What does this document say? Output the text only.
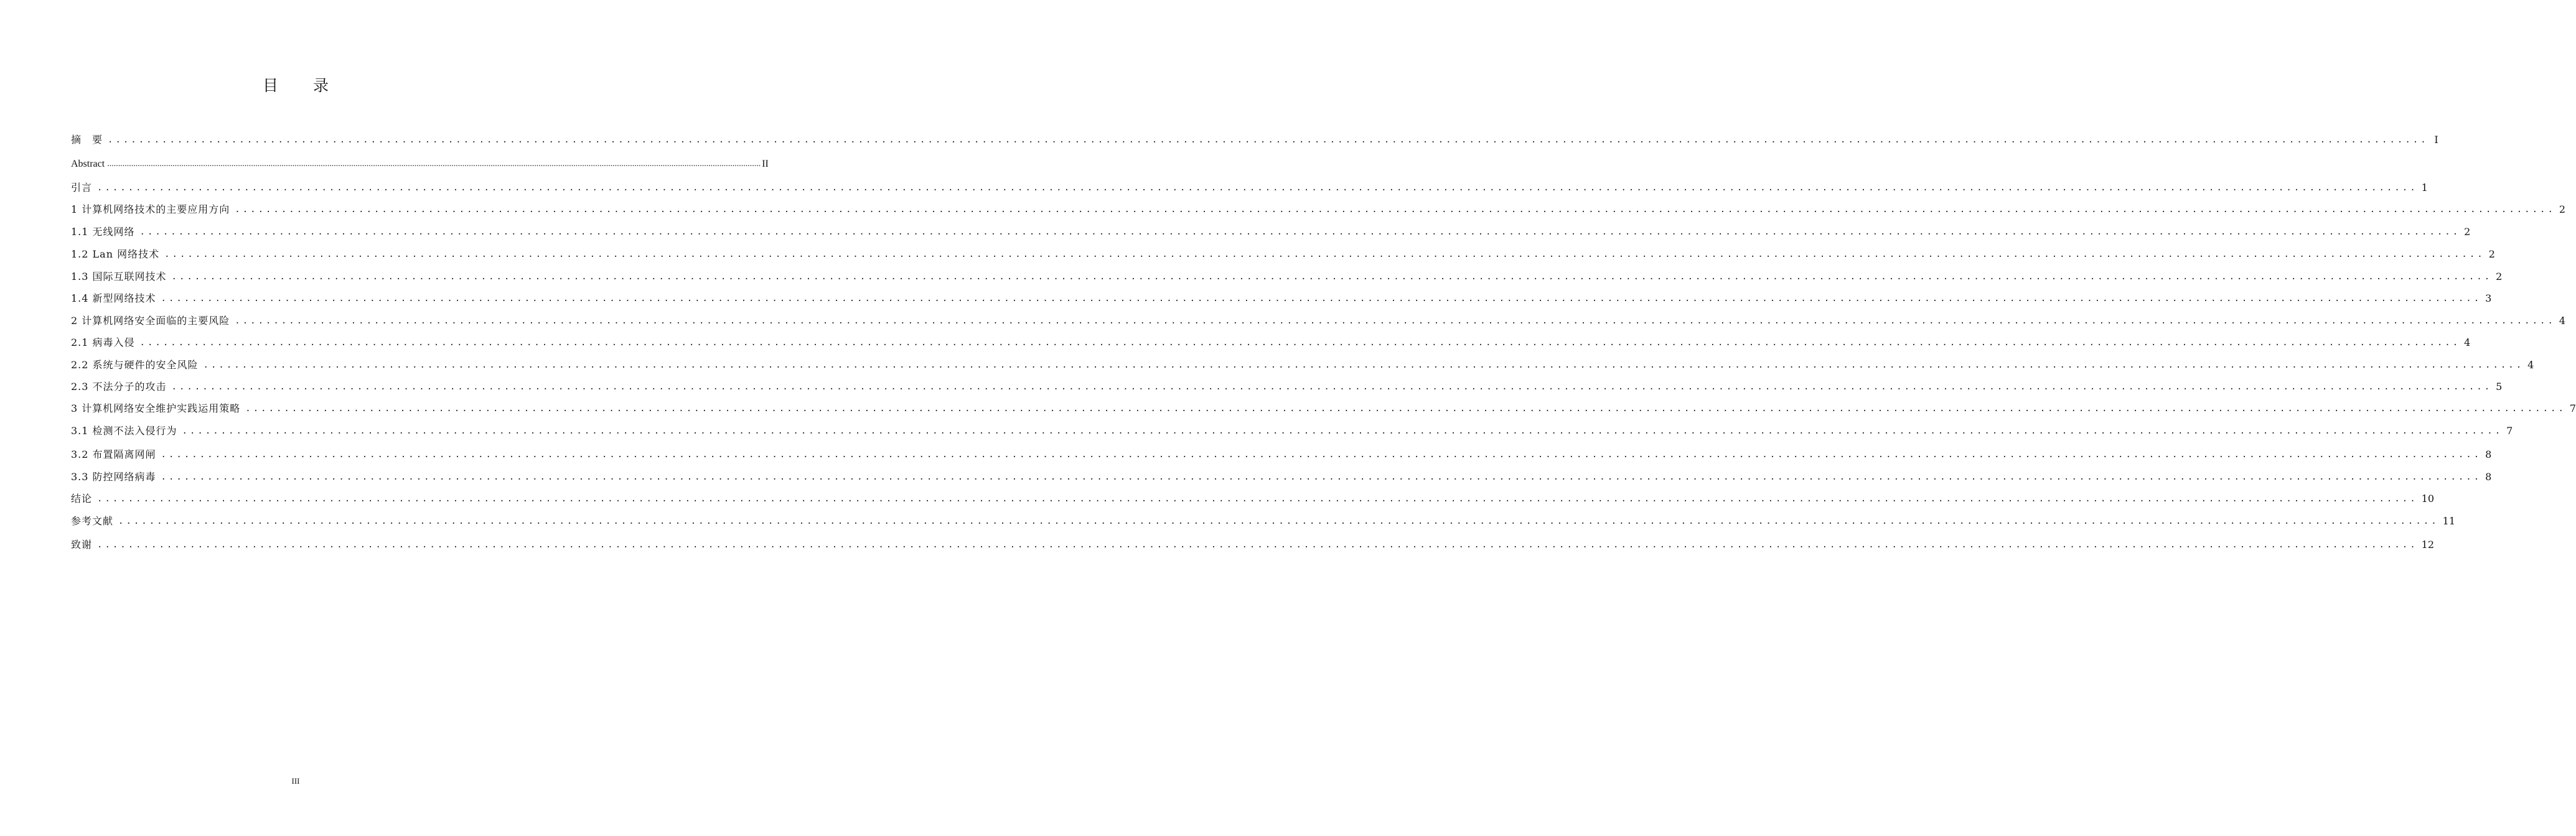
目 录
摘　要 ............................................................................................................................................................................................................................................................................................................ I
Abstract ............................................................................................................................................................................................................................................................................................................ II
引言 ............................................................................................................................................................................................................................................................................................................ 1
1 计算机网络技术的主要应用方向 ............................................................................................................................................................................................................................................................................................................ 2
1.1 无线网络 ............................................................................................................................................................................................................................................................................................................ 2
1.2 Lan 网络技术 ............................................................................................................................................................................................................................................................................................................ 2
1.3 国际互联网技术 ............................................................................................................................................................................................................................................................................................................ 2
1.4 新型网络技术 ............................................................................................................................................................................................................................................................................................................ 3
2 计算机网络安全面临的主要风险 ............................................................................................................................................................................................................................................................................................................ 4
2.1 病毒入侵 ............................................................................................................................................................................................................................................................................................................ 4
2.2 系统与硬件的安全风险 ............................................................................................................................................................................................................................................................................................................ 4
2.3 不法分子的攻击 ............................................................................................................................................................................................................................................................................................................ 5
3 计算机网络安全维护实践运用策略 ............................................................................................................................................................................................................................................................................................................ 7
3.1 检测不法入侵行为 ............................................................................................................................................................................................................................................................................................................ 7
3.2 布置隔离网闸 ............................................................................................................................................................................................................................................................................................................ 8
3.3 防控网络病毒 ............................................................................................................................................................................................................................................................................................................ 8
结论 ............................................................................................................................................................................................................................................................................................................ 10
参考文献 ............................................................................................................................................................................................................................................................................................................ 11
致谢 ............................................................................................................................................................................................................................................................................................................ 12
III
